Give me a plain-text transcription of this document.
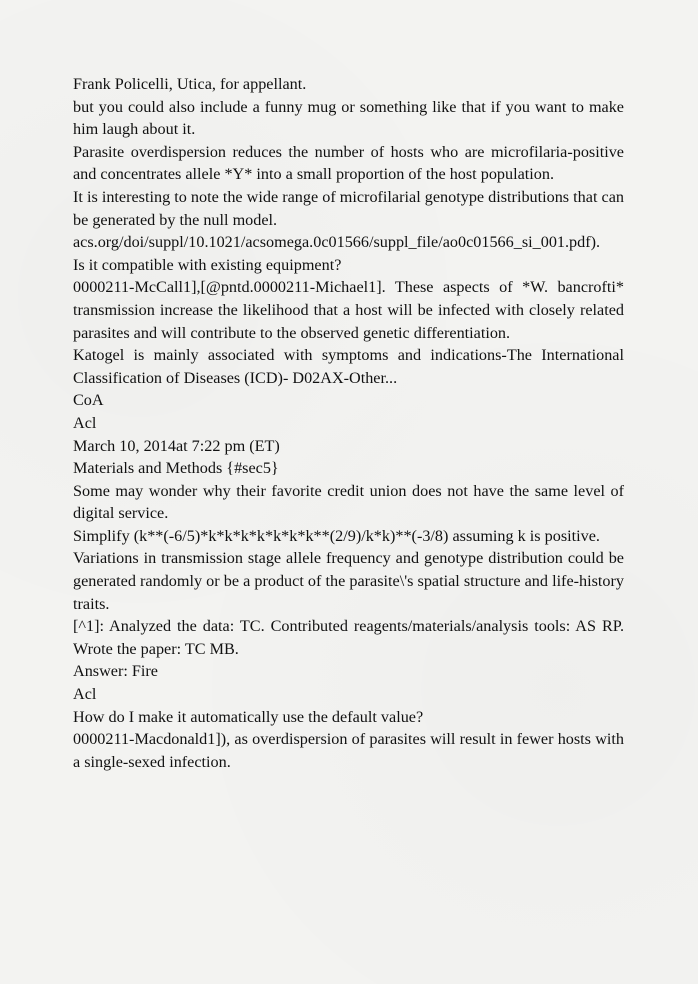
Frank Policelli, Utica, for appellant.

but you could also include a funny mug or something like that if you want to make him laugh about it.

Parasite overdispersion reduces the number of hosts who are microfilaria-positive and concentrates allele *Y* into a small proportion of the host population.

It is interesting to note the wide range of microfilarial genotype distributions that can be generated by the null model.

acs.org/doi/suppl/10.1021/acsomega.0c01566/suppl_file/ao0c01566_si_001.pdf).

Is it compatible with existing equipment?

0000211-McCall1],[@pntd.0000211-Michael1]. These aspects of *W. bancrofti* transmission increase the likelihood that a host will be infected with closely related parasites and will contribute to the observed genetic differentiation.

Katogel is mainly associated with symptoms and indications-The International Classification of Diseases (ICD)- D02AX-Other...

CoA

Acl

March 10, 2014at 7:22 pm (ET)

Materials and Methods {#sec5}

Some may wonder why their favorite credit union does not have the same level of digital service.

Simplify (k**(-6/5)*k*k*k*k*k*k*k**(2/9)/k*k)**(-3/8) assuming k is positive.

Variations in transmission stage allele frequency and genotype distribution could be generated randomly or be a product of the parasite\'s spatial structure and life-history traits.

[^1]: Analyzed the data: TC. Contributed reagents/materials/analysis tools: AS RP. Wrote the paper: TC MB.

Answer: Fire

Acl

How do I make it automatically use the default value?

0000211-Macdonald1]), as overdispersion of parasites will result in fewer hosts with a single-sexed infection.
